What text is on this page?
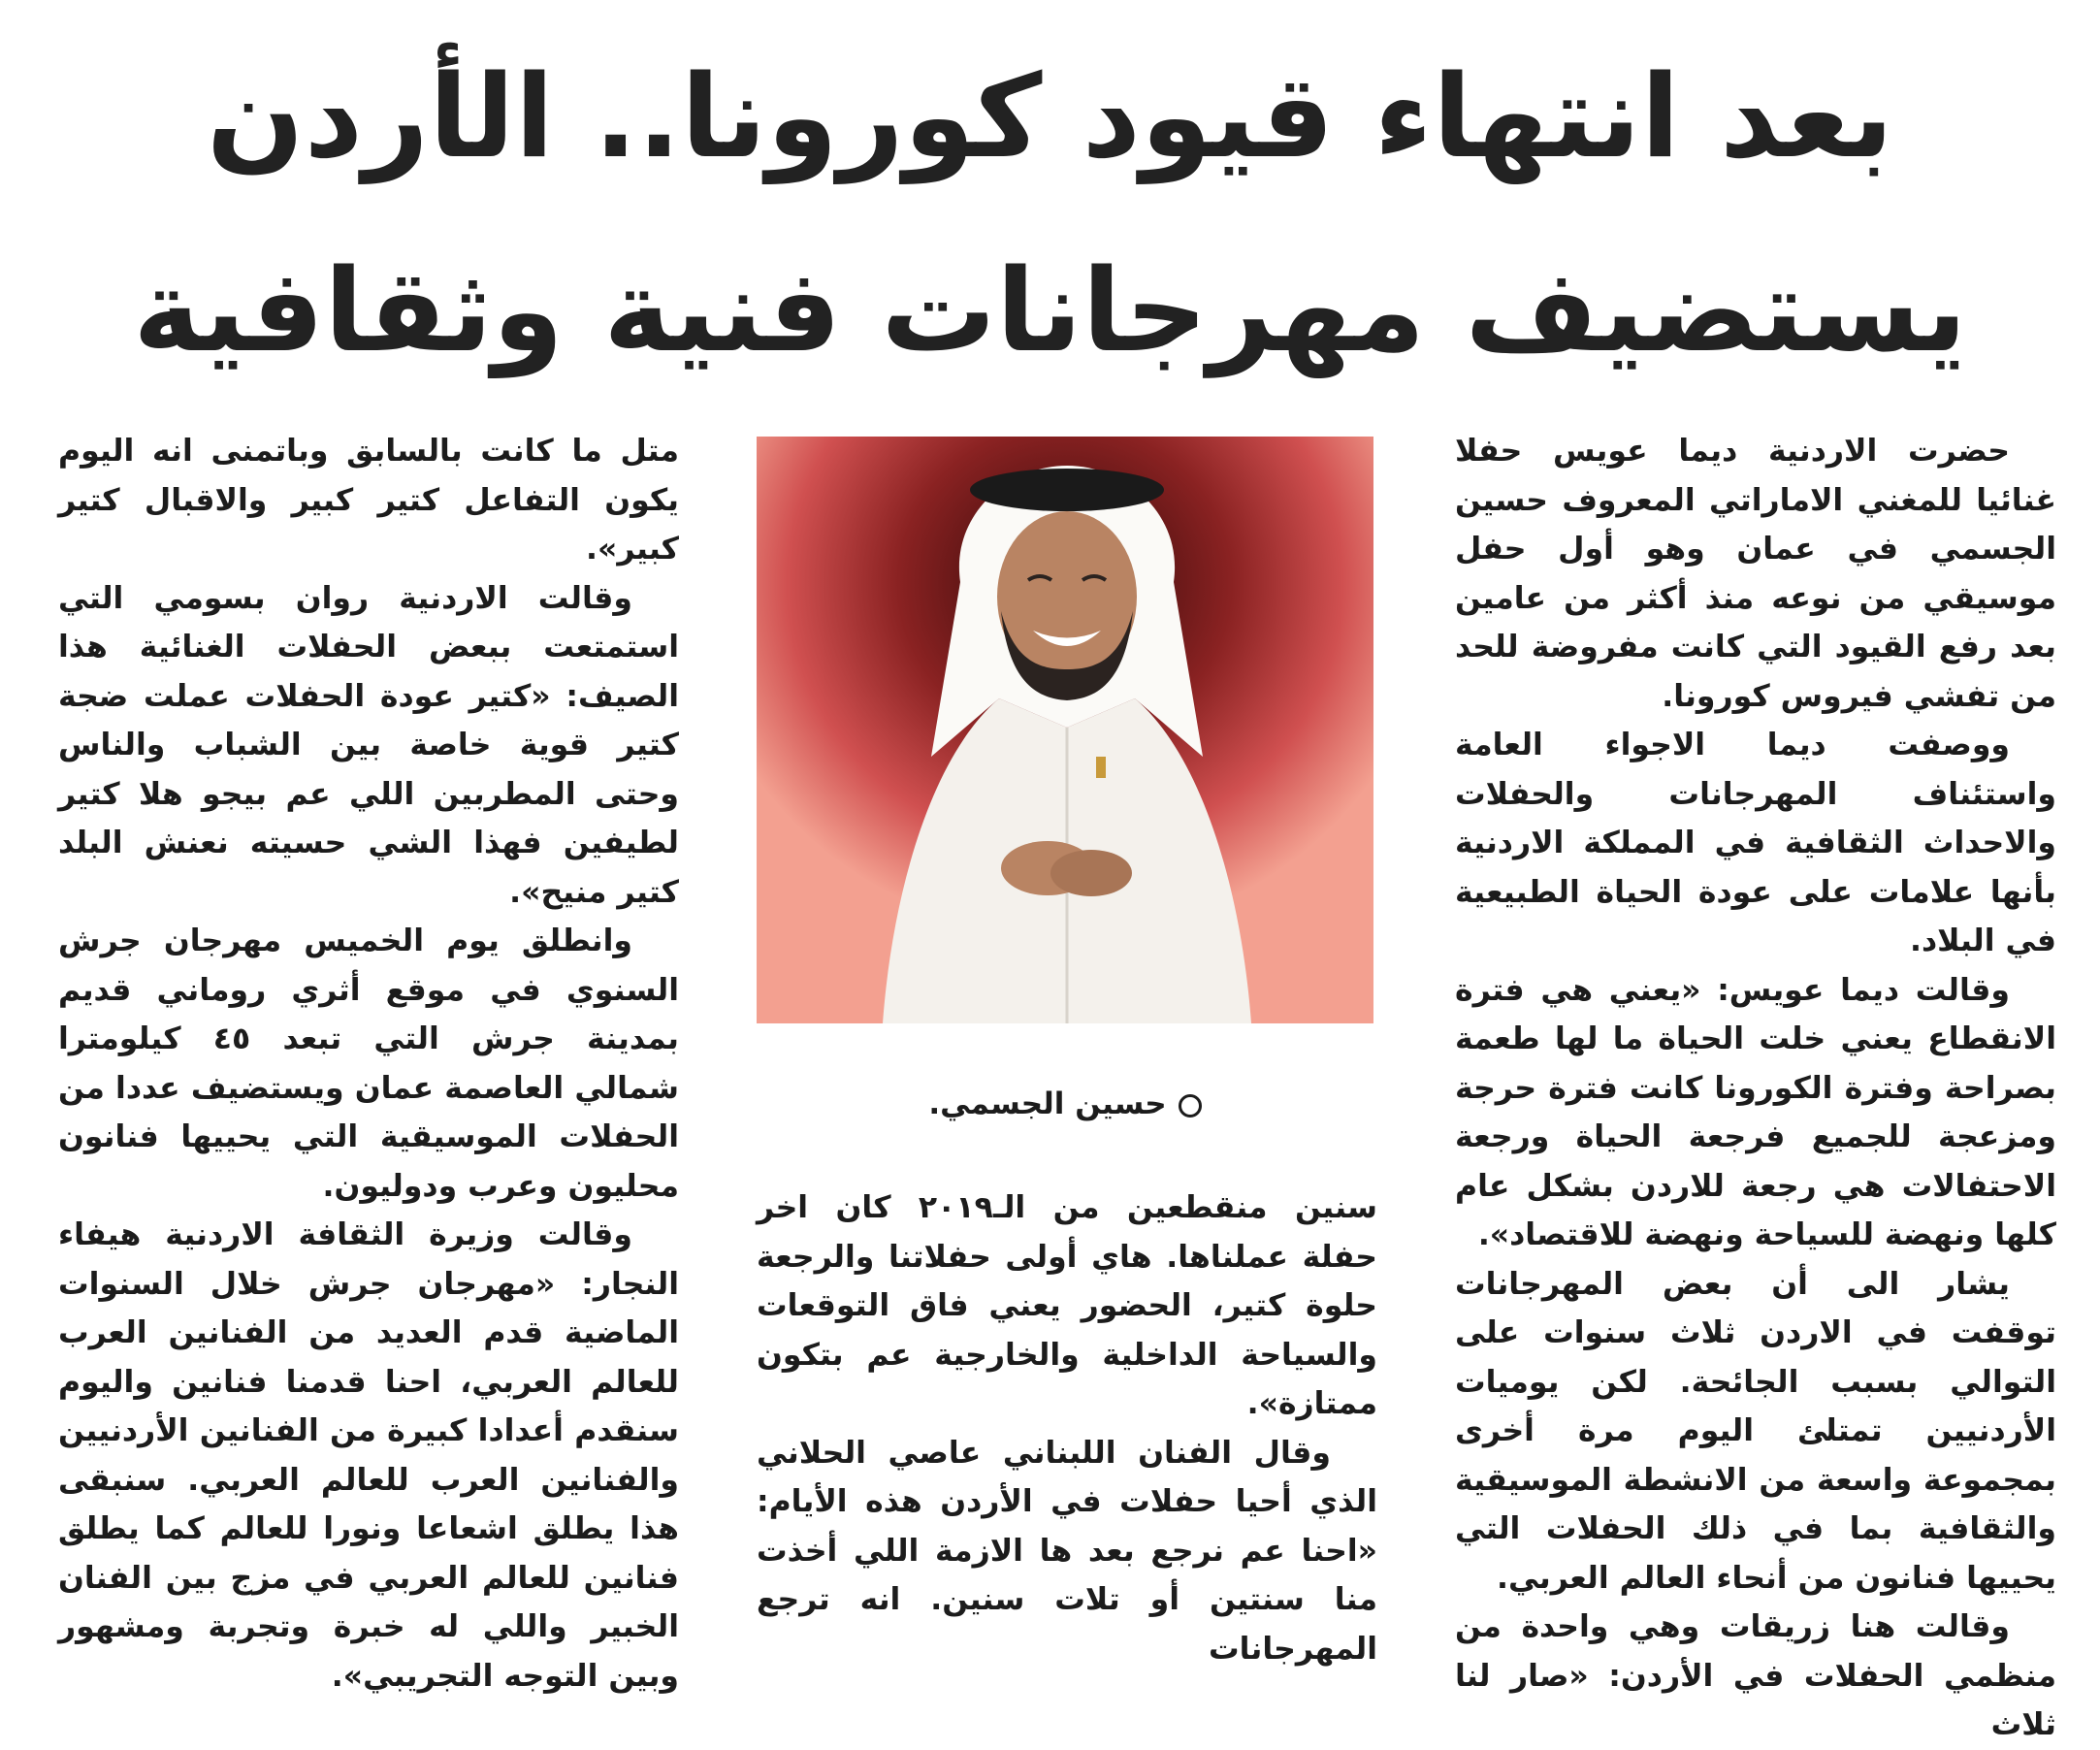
بعد انتهاء قيود كورونا.. الأردن
يستضيف مهرجانات فنية وثقافية

حضرت الاردنية ديما عويس حفلا غنائيا للمغني الاماراتي المعروف حسين الجسمي في عمان وهو أول حفل موسيقي من نوعه منذ أكثر من عامين بعد رفع القيود التي كانت مفروضة للحد من تفشي فيروس كورونا.

ووصفت ديما الاجواء العامة واستئناف المهرجانات والحفلات والاحداث الثقافية في المملكة الاردنية بأنها علامات على عودة الحياة الطبيعية في البلاد.

وقالت ديما عويس: «يعني هي فترة الانقطاع يعني خلت الحياة ما لها طعمة بصراحة وفترة الكورونا كانت فترة حرجة ومزعجة للجميع فرجعة الحياة ورجعة الاحتفالات هي رجعة للاردن بشكل عام كلها ونهضة للسياحة ونهضة للاقتصاد».

يشار الى أن بعض المهرجانات توقفت في الاردن ثلاث سنوات على التوالي بسبب الجائحة. لكن يوميات الأردنيين تمتلئ اليوم مرة أخرى بمجموعة واسعة من الانشطة الموسيقية والثقافية بما في ذلك الحفلات التي يحييها فنانون من أنحاء العالم العربي.

وقالت هنا زريقات وهي واحدة من منظمي الحفلات في الأردن: «صار لنا ثلاث

حسين الجسمي.

سنين منقطعين من الـ٢٠١٩ كان اخر حفلة عملناها. هاي أولى حفلاتنا والرجعة حلوة كتير، الحضور يعني فاق التوقعات والسياحة الداخلية والخارجية عم بتكون ممتازة».

وقال الفنان اللبناني عاصي الحلاني الذي أحيا حفلات في الأردن هذه الأيام: «احنا عم نرجع بعد ها الازمة اللي أخذت منا سنتين أو تلات سنين. انه ترجع المهرجانات

متل ما كانت بالسابق وباتمنى انه اليوم يكون التفاعل كتير كبير والاقبال كتير كبير».

وقالت الاردنية روان بسومي التي استمتعت ببعض الحفلات الغنائية هذا الصيف: «كتير عودة الحفلات عملت ضجة كتير قوية خاصة بين الشباب والناس وحتى المطربين اللي عم بيجو هلا كتير لطيفين فهذا الشي حسيته نعنش البلد كتير منيح».

وانطلق يوم الخميس مهرجان جرش السنوي في موقع أثري روماني قديم بمدينة جرش التي تبعد ٤٥ كيلومترا شمالي العاصمة عمان ويستضيف عددا من الحفلات الموسيقية التي يحييها فنانون محليون وعرب ودوليون.

وقالت وزيرة الثقافة الاردنية هيفاء النجار: «مهرجان جرش خلال السنوات الماضية قدم العديد من الفنانين العرب للعالم العربي، احنا قدمنا فنانين واليوم سنقدم أعدادا كبيرة من الفنانين الأردنيين والفنانين العرب للعالم العربي. سنبقى هذا يطلق اشعاعا ونورا للعالم كما يطلق فنانين للعالم العربي في مزج بين الفنان الخبير واللي له خبرة وتجربة ومشهور وبين التوجه التجريبي».
